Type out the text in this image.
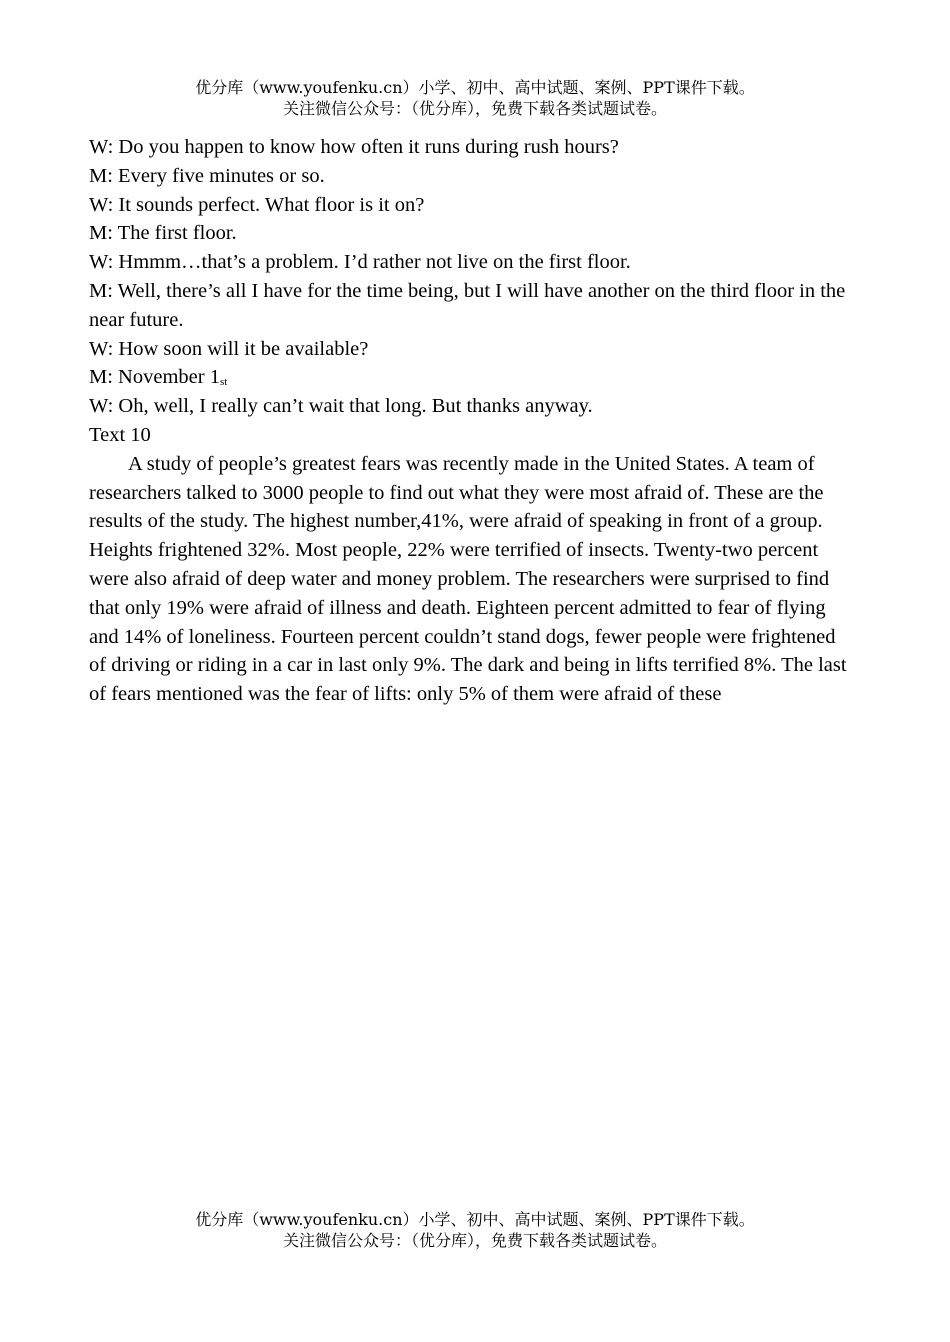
优分库（www.youfenku.cn）小学、初中、高中试题、案例、PPT课件下载。
关注微信公众号：（优分库），免费下载各类试题试卷。

W: Do you happen to know how often it runs during rush hours?

M: Every five minutes or so.

W: It sounds perfect. What floor is it on?

M: The first floor.

W: Hmmm…that’s a problem. I’d rather not live on the first floor.

M: Well, there’s all I have for the time being, but I will have another on the third floor in the near future.

W: How soon will it be available?

M: November $1_{st}$

W: Oh, well, I really can’t wait that long. But thanks anyway.

Text 10

A study of people’s greatest fears was recently made in the United States. A team of researchers talked to 3000 people to find out what they were most afraid of. These are the results of the study. The highest number,41%, were afraid of speaking in front of a group. Heights frightened 32%. Most people, 22% were terrified of insects. Twenty-two percent were also afraid of deep water and money problem. The researchers were surprised to find that only 19% were afraid of illness and death. Eighteen percent admitted to fear of flying and 14% of loneliness. Fourteen percent couldn’t stand dogs, fewer people were frightened of driving or riding in a car in last only 9%. The dark and being in lifts terrified 8%. The last of fears mentioned was the fear of lifts: only 5% of them were afraid of these

优分库（www.youfenku.cn）小学、初中、高中试题、案例、PPT课件下载。
关注微信公众号：（优分库），免费下载各类试题试卷。
